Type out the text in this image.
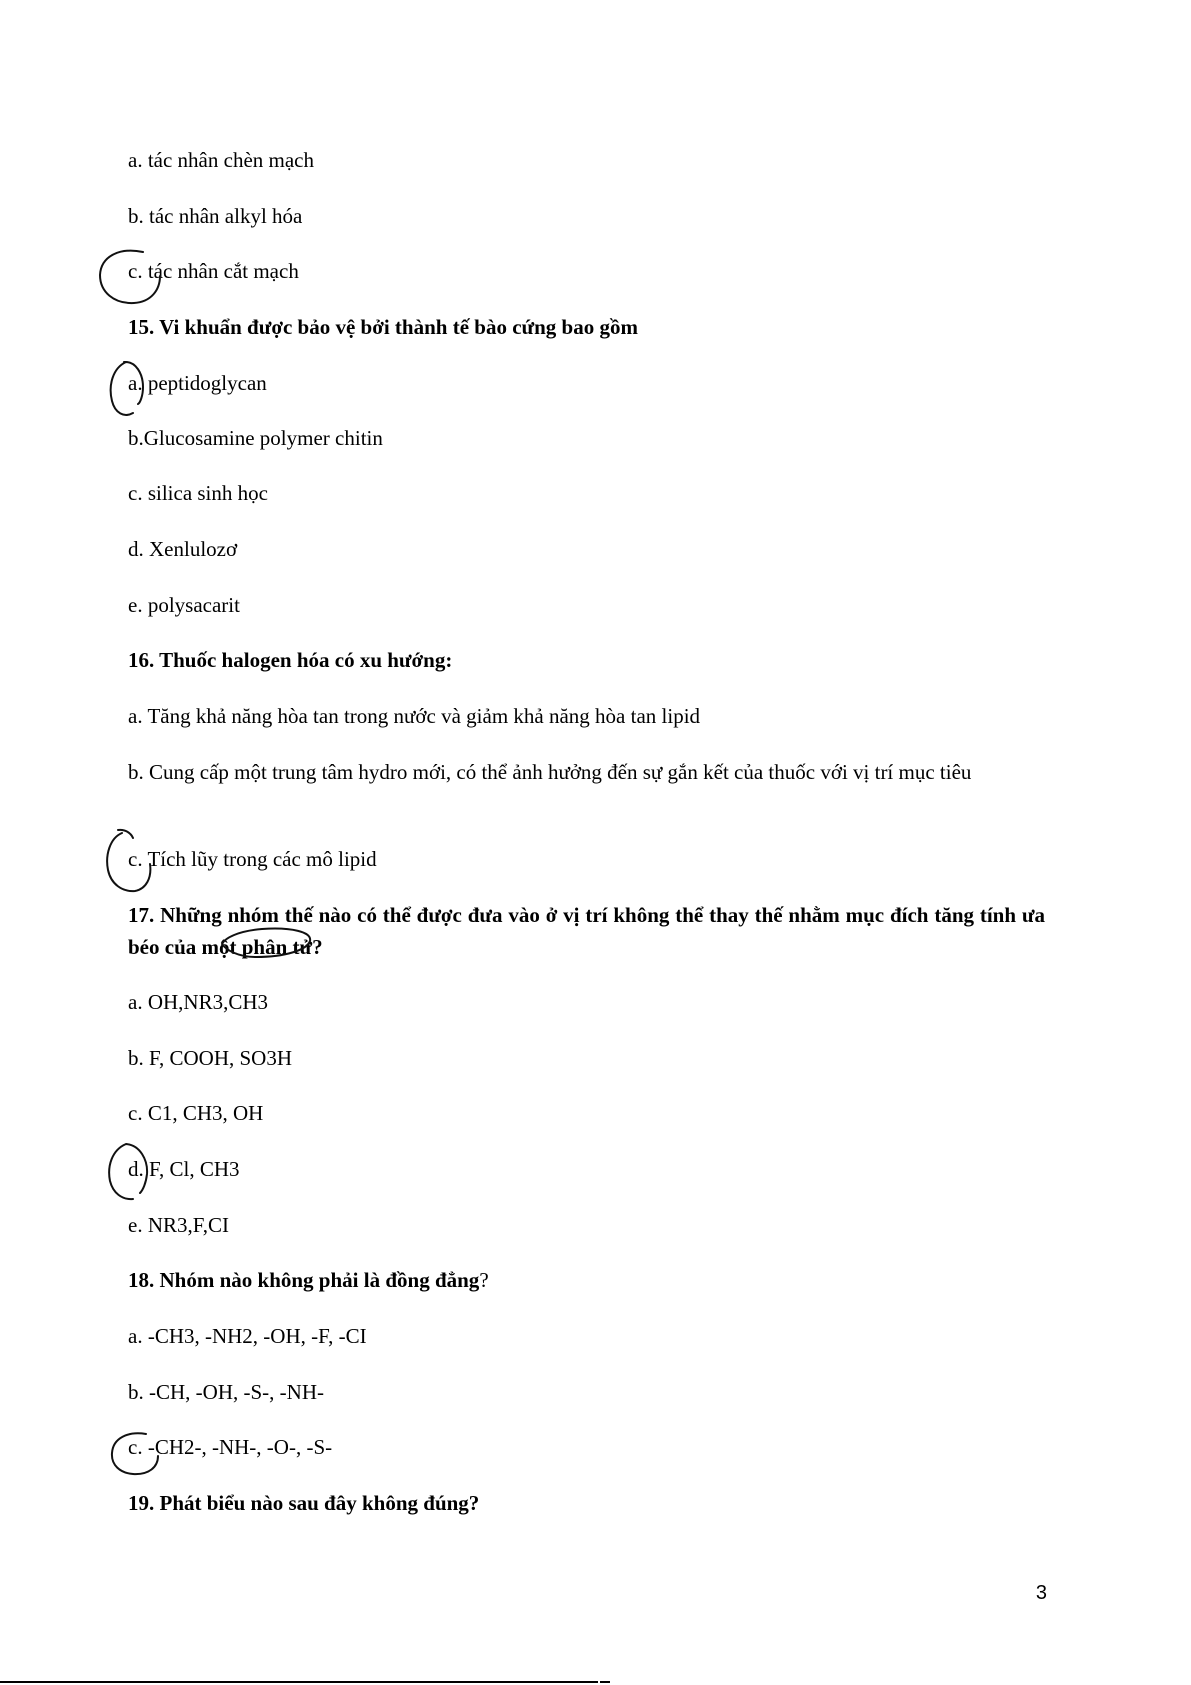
a. tác nhân chèn mạch
b. tác nhân alkyl hóa
c. tác nhân cắt mạch
15. Vi khuẩn được bảo vệ bởi thành tế bào cứng bao gồm
a. peptidoglycan
b.Glucosamine polymer chitin
c. silica sinh học
d. Xenlulozơ
e. polysacarit
16. Thuốc halogen hóa có xu hướng:
a. Tăng khả năng hòa tan trong nước và giảm khả năng hòa tan lipid
b. Cung cấp một trung tâm hydro mới, có thể ảnh hưởng đến sự gắn kết của thuốc với vị trí mục tiêu
c. Tích lũy trong các mô lipid
17. Những nhóm thế nào có thể được đưa vào ở vị trí không thể thay thế nhằm mục đích tăng tính ưa béo của một phân tử?
a. OH,NR3,CH3
b. F, COOH, SO3H
c. C1, CH3, OH
d. F, Cl, CH3
e. NR3,F,CI
18. Nhóm nào không phải là đồng đẳng?
a. -CH3, -NH2, -OH, -F, -CI
b. -CH, -OH, -S-, -NH-
c. -CH2-, -NH-, -O-, -S-
19. Phát biểu nào sau đây không đúng?
3
